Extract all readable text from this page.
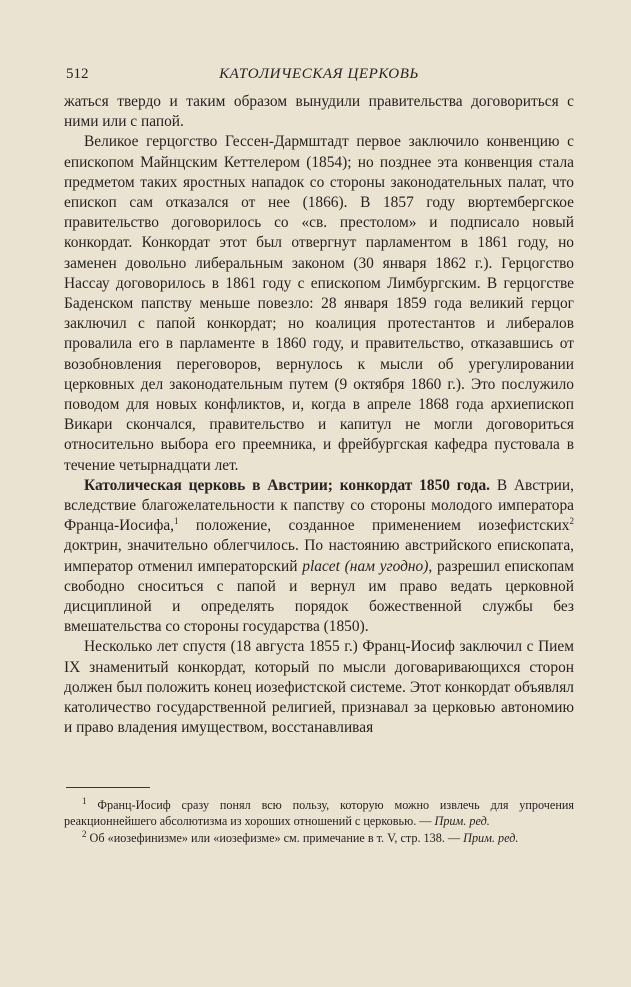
512	КАТОЛИЧЕСКАЯ ЦЕРКОВЬ

жаться твердо и таким образом вынудили правительства договориться с ними или с папой.

Великое герцогство Гессен-Дармштадт первое заключило конвенцию с епископом Майнцским Кеттелером (1854); но позднее эта конвенция стала предметом таких яростных нападок со стороны законодательных палат, что епископ сам отказался от нее (1866). В 1857 году вюртембергское правительство договорилось со «св. престолом» и подписало новый конкордат. Конкордат этот был отвергнут парламентом в 1861 году, но заменен довольно либеральным законом (30 января 1862 г.). Герцогство Нассау договорилось в 1861 году с епископом Лимбургским. В герцогстве Баденском папству меньше повезло: 28 января 1859 года великий герцог заключил с папой конкордат; но коалиция протестантов и либералов провалила его в парламенте в 1860 году, и правительство, отказавшись от возобновления переговоров, вернулось к мысли об урегулировании церковных дел законодательным путем (9 октября 1860 г.). Это послужило поводом для новых конфликтов, и, когда в апреле 1868 года архиепископ Викари скончался, правительство и капитул не могли договориться относительно выбора его преемника, и фрейбургская кафедра пустовала в течение четырнадцати лет.

Католическая церковь в Австрии; конкордат 1850 года. В Австрии, вследствие благожелательности к папству со стороны молодого императора Франца-Иосифа,$^1$ положение, созданное применением иозефистских$^2$ доктрин, значительно облегчилось. По настоянию австрийского епископата, император отменил императорский placet (нам угодно), разрешил епископам свободно сноситься с папой и вернул им право ведать церковной дисциплиной и определять порядок божественной службы без вмешательства со стороны государства (1850).

Несколько лет спустя (18 августа 1855 г.) Франц-Иосиф заключил с Пием IX знаменитый конкордат, который по мысли договаривающихся сторон должен был положить конец иозефистской системе. Этот конкордат объявлял католичество государственной религией, признавал за церковью автономию и право владения имуществом, восстанавливая

$^1$ Франц-Иосиф сразу понял всю пользу, которую можно извлечь для упрочения реакционнейшего абсолютизма из хороших отношений с церковью. — Прим. ред.

$^2$ Об «иозефинизме» или «иозефизме» см. примечание в т. V, стр. 138. — Прим. ред.
